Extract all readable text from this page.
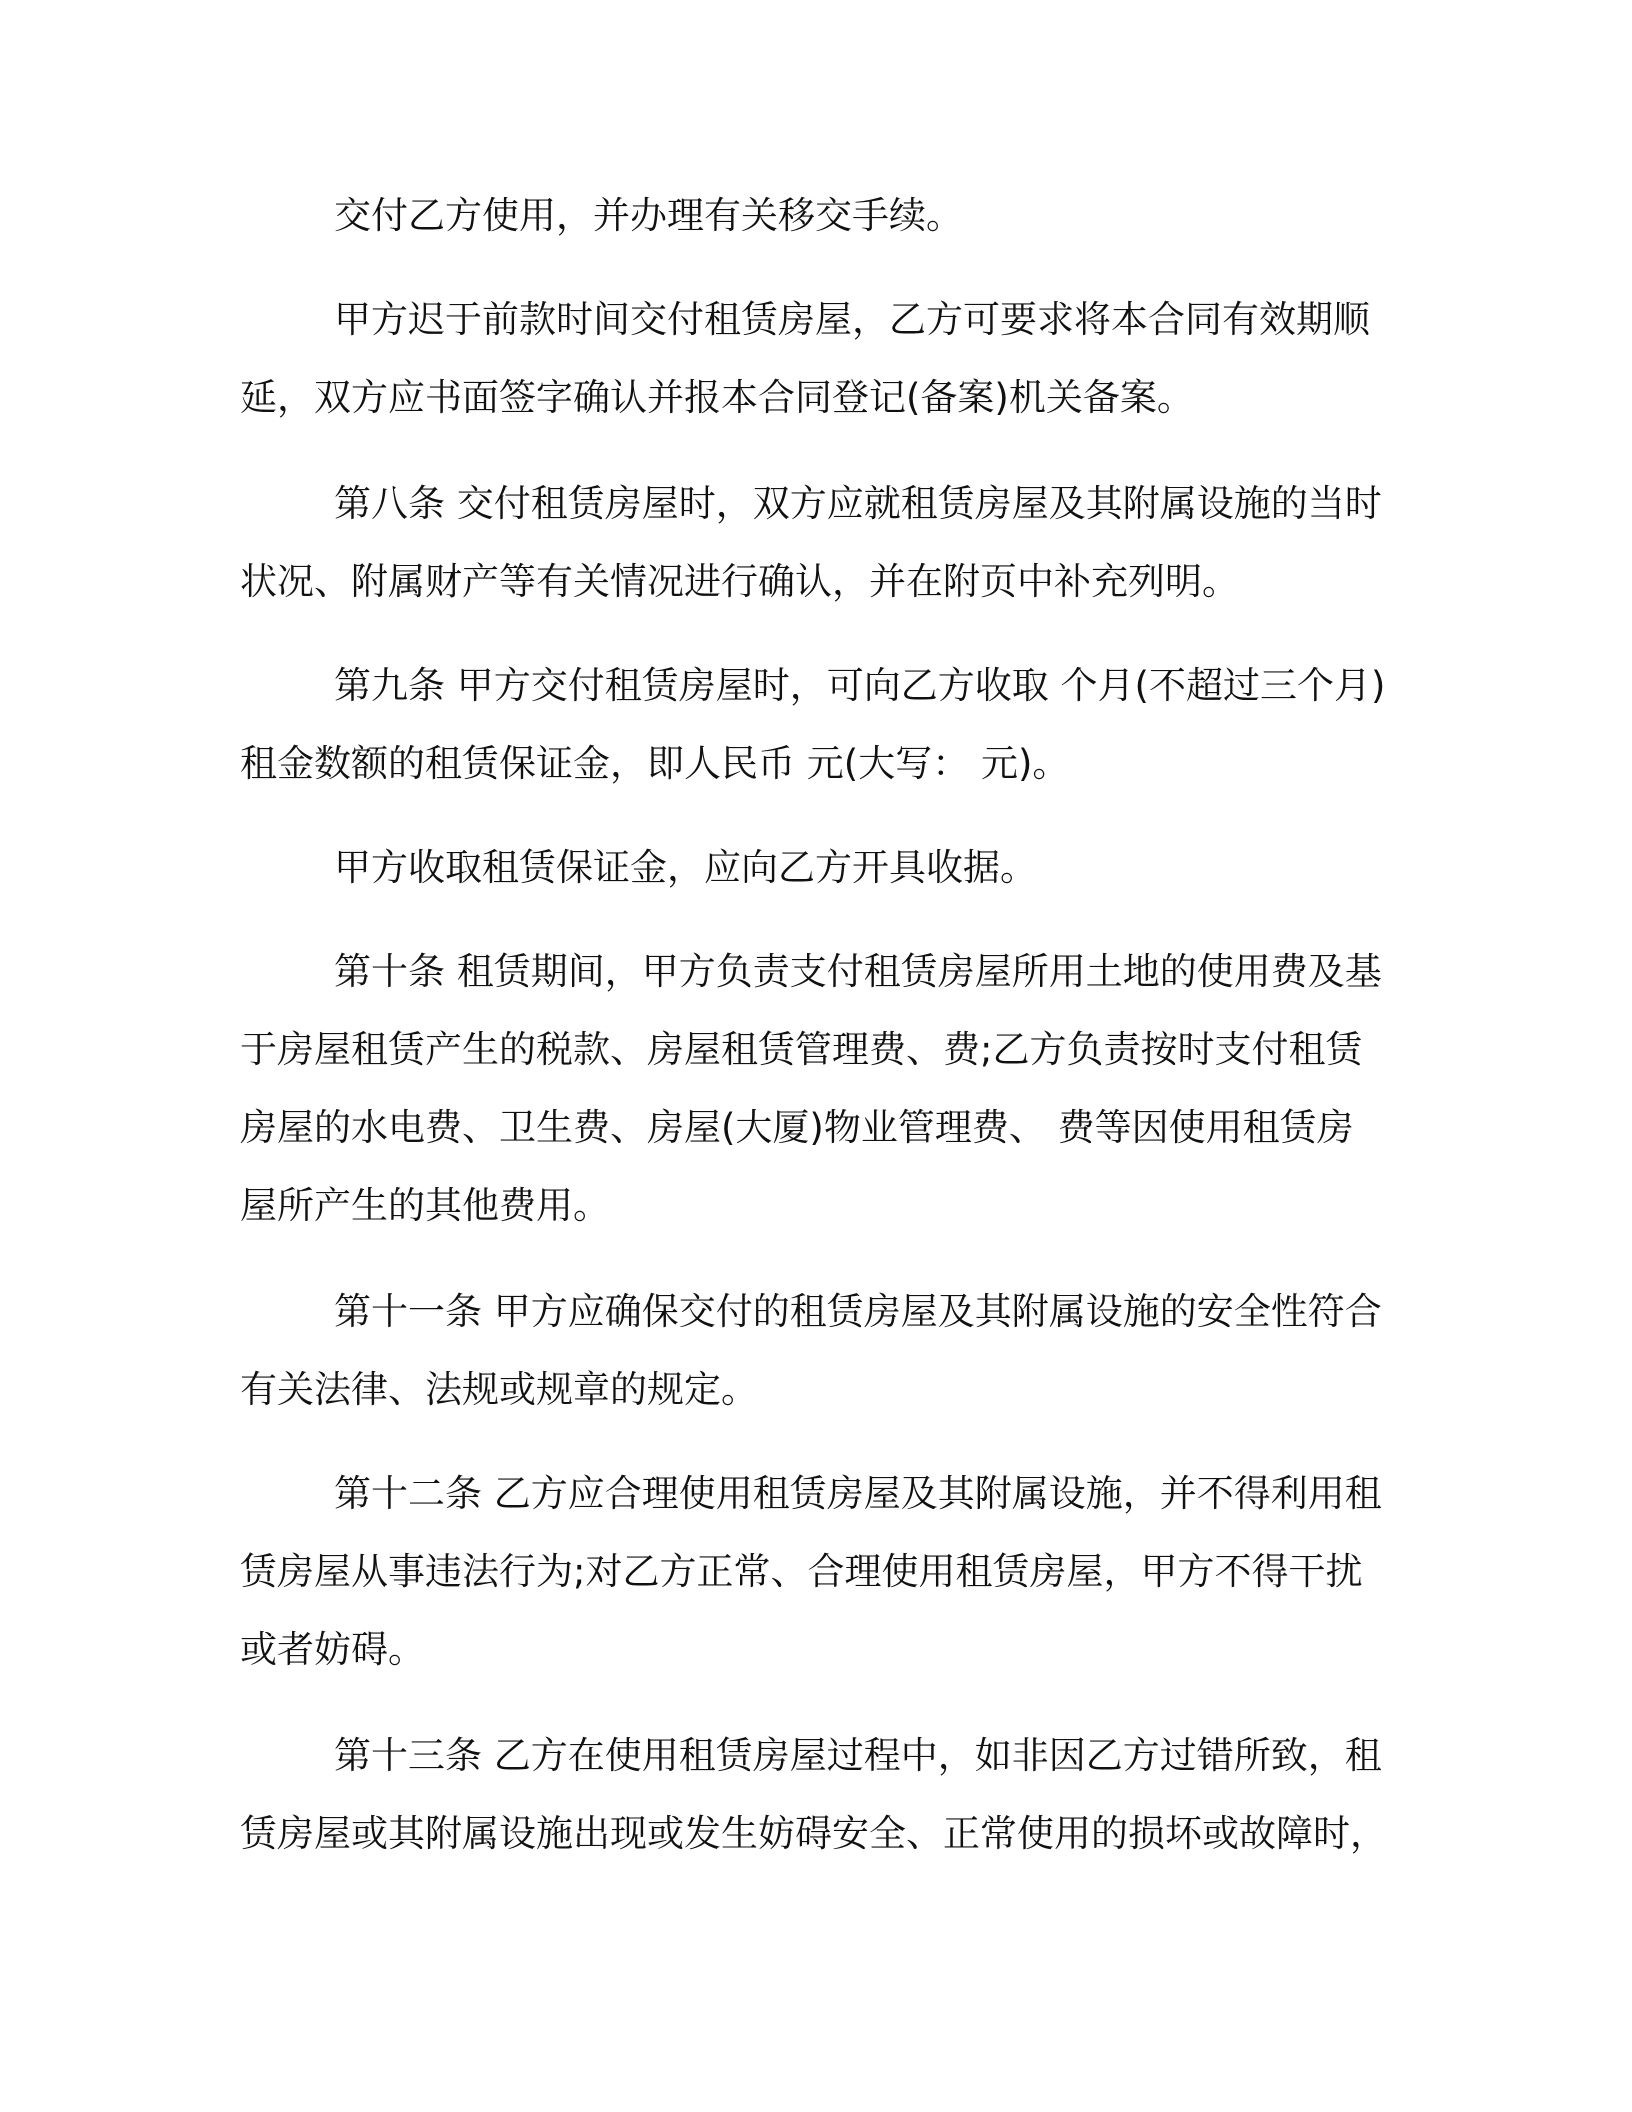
交付乙方使用，并办理有关移交手续。
甲方迟于前款时间交付租赁房屋，乙方可要求将本合同有效期顺
延，双方应书面签字确认并报本合同登记(备案)机关备案。
第八条 交付租赁房屋时，双方应就租赁房屋及其附属设施的当时
状况、附属财产等有关情况进行确认，并在附页中补充列明。
第九条 甲方交付租赁房屋时，可向乙方收取 个月(不超过三个月)
租金数额的租赁保证金，即人民币 元(大写： 元)。
甲方收取租赁保证金，应向乙方开具收据。
第十条 租赁期间，甲方负责支付租赁房屋所用土地的使用费及基
于房屋租赁产生的税款、房屋租赁管理费、费;乙方负责按时支付租赁
房屋的水电费、卫生费、房屋(大厦)物业管理费、 费等因使用租赁房
屋所产生的其他费用。
第十一条 甲方应确保交付的租赁房屋及其附属设施的安全性符合
有关法律、法规或规章的规定。
第十二条 乙方应合理使用租赁房屋及其附属设施，并不得利用租
赁房屋从事违法行为;对乙方正常、合理使用租赁房屋，甲方不得干扰
或者妨碍。
第十三条 乙方在使用租赁房屋过程中，如非因乙方过错所致，租
赁房屋或其附属设施出现或发生妨碍安全、正常使用的损坏或故障时，
